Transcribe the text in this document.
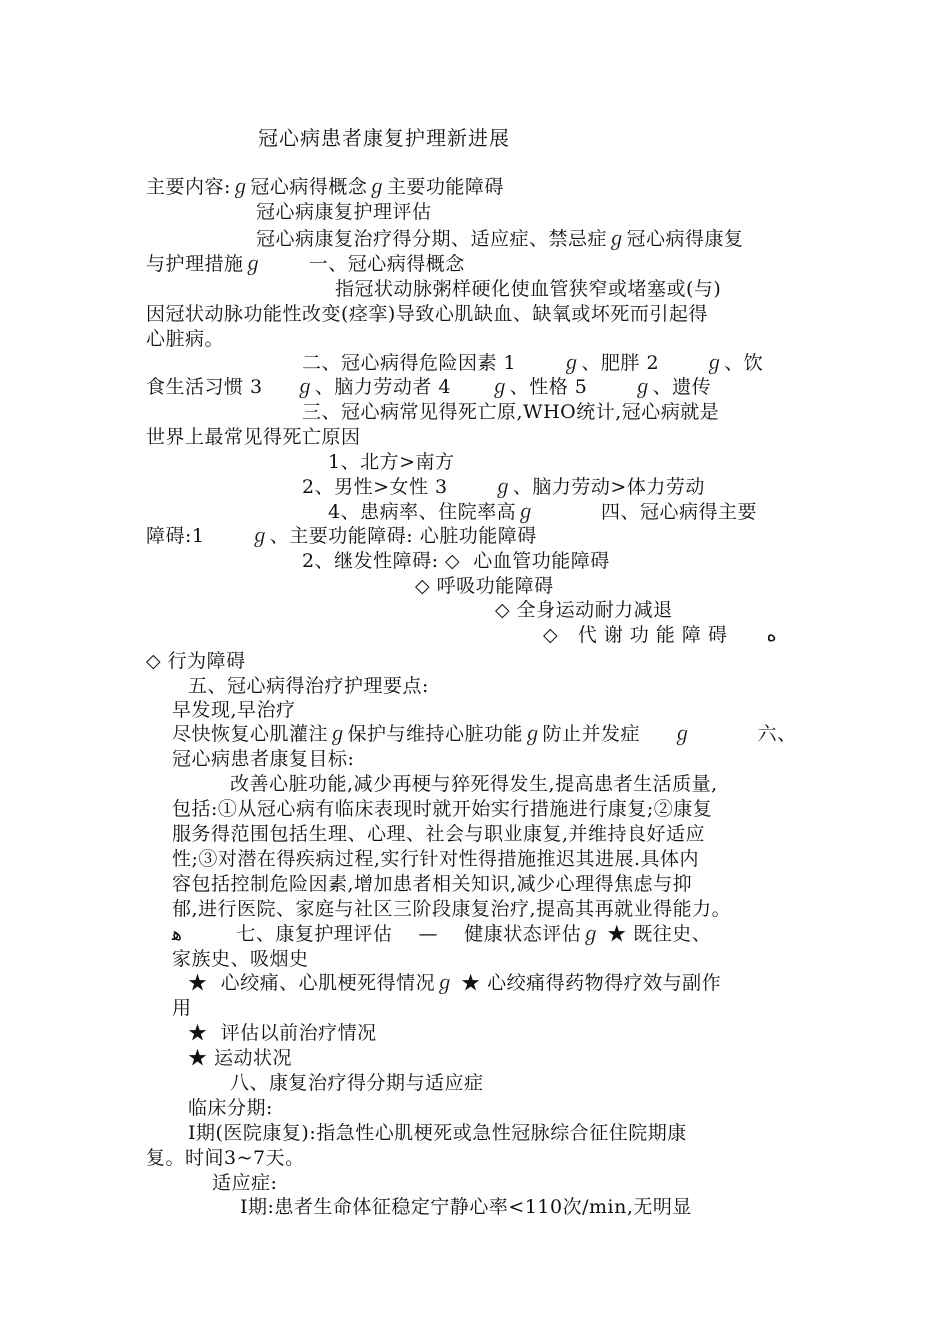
冠心病患者康复护理新进展
主要内容:ℊ冠心病得概念ℊ主要功能障碍
冠心病康复护理评估
冠心病康复治疗得分期、适应症、禁忌症ℊ冠心病得康复
与护理措施ℊ       一、冠心病得概念
指冠状动脉粥样硬化使血管狭窄或堵塞或(与)
因冠状动脉功能性改变(痉挛)导致心肌缺血、缺氧或坏死而引起得
心脏病。
二、冠心病得危险因素 1       ℊ、肥胖 2       ℊ、饮
食生活习惯 3     ℊ、脑力劳动者 4      ℊ、性格 5       ℊ、遗传
三、冠心病常见得死亡原,WHO统计,冠心病就是
世界上最常见得死亡原因
1、北方>南方
2、男性>女性 3       ℊ、脑力劳动>体力劳动
4、患病率、住院率高ℊ          四、冠心病得主要
障碍:1       ℊ、主要功能障碍: 心脏功能障碍
2、继发性障碍: ◇  心血管功能障碍
◇ 呼吸功能障碍
◇ 全身运动耐力减退
◇   代 谢 功 能 障 碍      ه
◇ 行为障碍
五、冠心病得治疗护理要点:
早发现,早治疗
尽快恢复心肌灌注ℊ保护与维持心脏功能ℊ防止并发症     ℊ          六、
冠心病患者康复目标:
改善心脏功能,减少再梗与猝死得发生,提高患者生活质量,
包括:①从冠心病有临床表现时就开始实行措施进行康复;②康复
服务得范围包括生理、心理、社会与职业康复,并维持良好适应
性;③对潜在得疾病过程,实行针对性得措施推迟其进展.具体内
容包括控制危险因素,增加患者相关知识,减少心理得焦虑与抑
郁,进行医院、家庭与社区三阶段康复治疗,提高其再就业得能力。
ﮬ         七、康复护理评估    —    健康状态评估ℊ ★ 既往史、
家族史、吸烟史
★  心绞痛、心肌梗死得情况ℊ ★ 心绞痛得药物得疗效与副作
用
★  评估以前治疗情况
★ 运动状况
八、康复治疗得分期与适应症
临床分期:
Ⅰ期(医院康复):指急性心肌梗死或急性冠脉综合征住院期康
复。时间3~7天。
适应症:
Ⅰ期:患者生命体征稳定宁静心率<110次/min,无明显
